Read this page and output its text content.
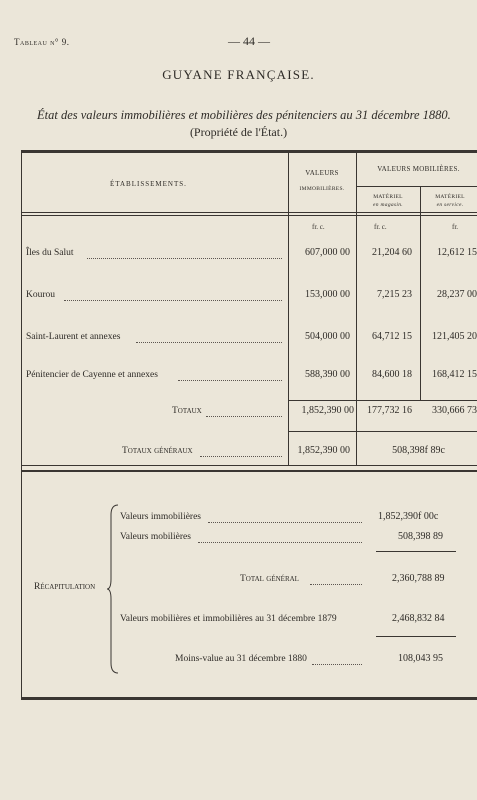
Tableau n° 9.	— 44 —
GUYANE FRANÇAISE.
État des valeurs immobilières et mobilières des pénitenciers au 31 décembre 1880.
(Propriété de l'État.)
ÉTABLISSEMENTS.
VALEURS
IMMOBILIÈRES.
VALEURS MOBILIÈRES.
MATÉRIEL
en magasin.
MATÉRIEL
en service.
fr. c.	fr. c.	fr.
Îles du Salut	607,000 00	21,204 60	12,612 15
Kourou	153,000 00	7,215 23	28,237 00
Saint-Laurent et annexes	504,000 00	64,712 15	121,405 20
Pénitencier de Cayenne et annexes	588,390 00	84,600 18	168,412 15
Totaux	1,852,390 00	177,732 16	330,666 73
Totaux généraux	1,852,390 00	508,398f 89c
Récapitulation
Valeurs immobilières	1,852,390f 00c
Valeurs mobilières	508,398 89
Total général	2,360,788 89
Valeurs mobilières et immobilières au 31 décembre 1879	2,468,832 84
Moins-value au 31 décembre 1880	108,043 95
